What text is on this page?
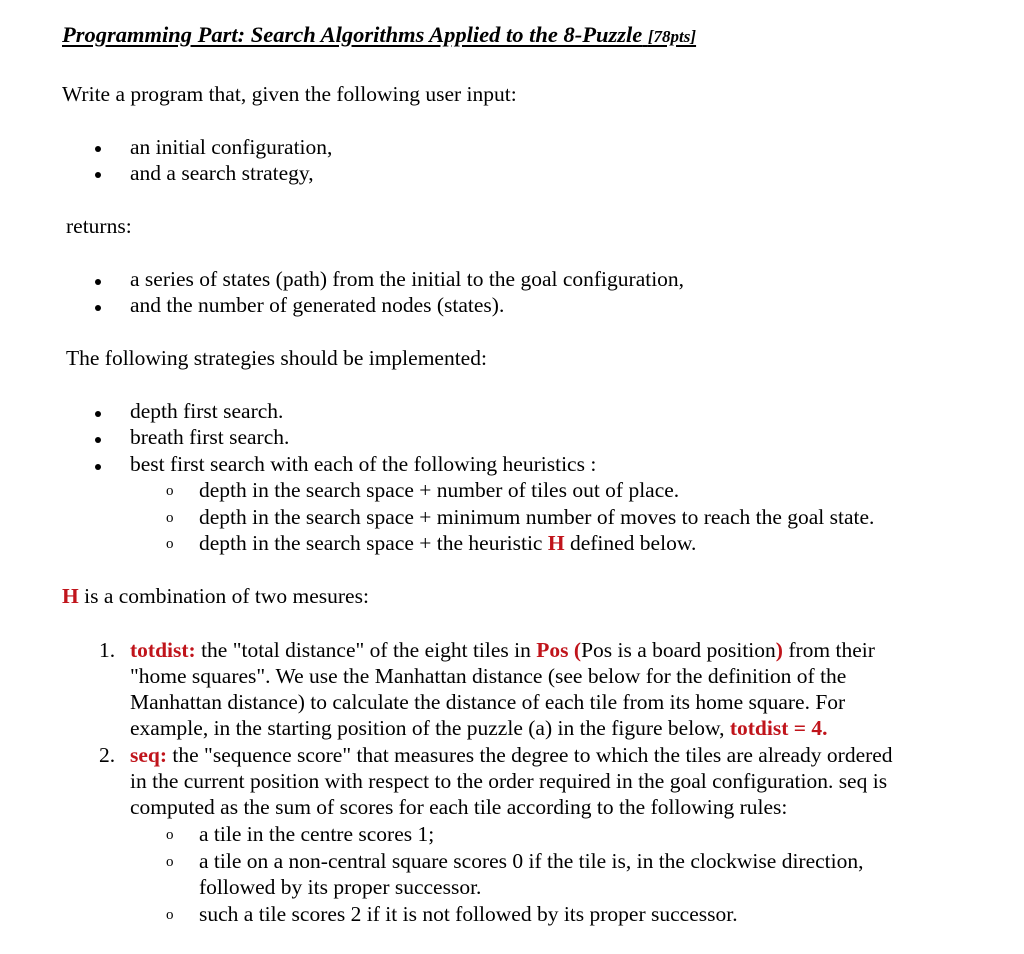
Programming Part: Search Algorithms Applied to the 8-Puzzle [78pts]
Write a program that, given the following user input:
an initial configuration,
and a search strategy,
returns:
a series of states (path) from the initial to the goal configuration,
and the number of generated nodes (states).
The following strategies should be implemented:
depth first search.
breath first search.
best first search with each of the following heuristics :
o depth in the search space + number of tiles out of place.
o depth in the search space + minimum number of moves to reach the goal state.
o depth in the search space + the heuristic H defined below.
H is a combination of two mesures:
1. totdist: the "total distance" of the eight tiles in Pos (Pos is a board position) from their
"home squares". We use the Manhattan distance (see below for the definition of the
Manhattan distance) to calculate the distance of each tile from its home square. For
example, in the starting position of the puzzle (a) in the figure below, totdist = 4.
2. seq: the "sequence score" that measures the degree to which the tiles are already ordered
in the current position with respect to the order required in the goal configuration. seq is
computed as the sum of scores for each tile according to the following rules:
o a tile in the centre scores 1;
o a tile on a non-central square scores 0 if the tile is, in the clockwise direction,
followed by its proper successor.
o such a tile scores 2 if it is not followed by its proper successor.
